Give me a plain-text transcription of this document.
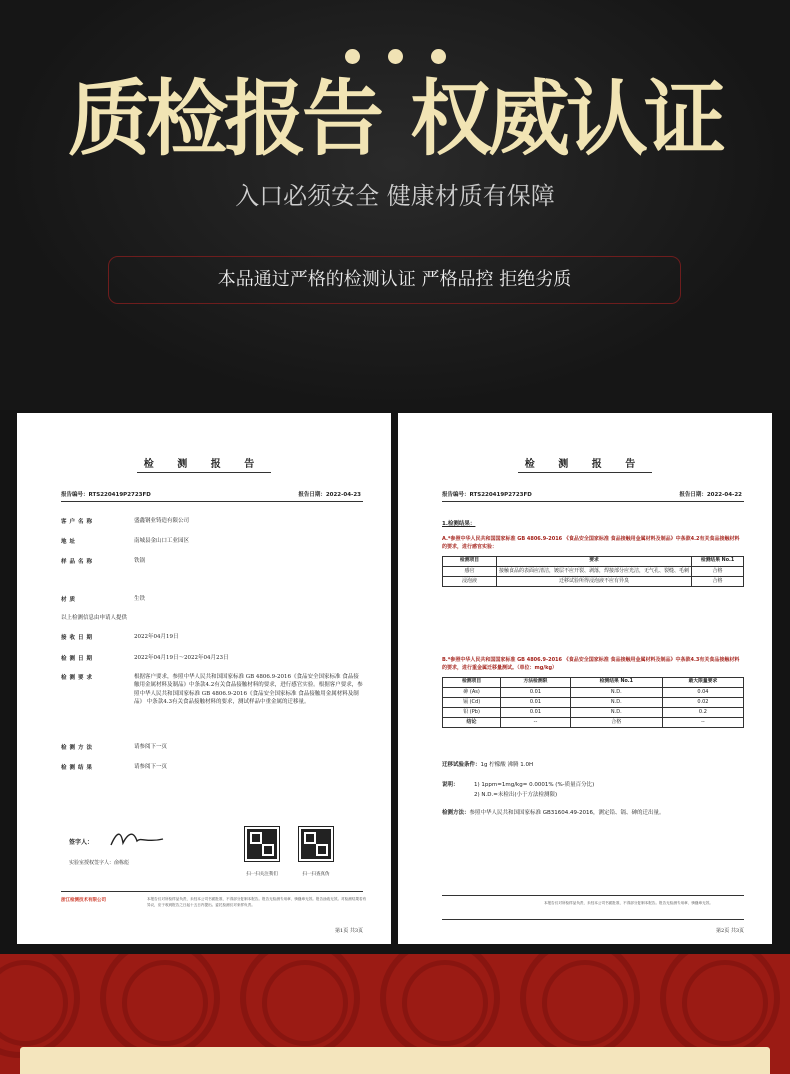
质检报告 权威认证
入口必须安全 健康材质有保障
本品通过严格的检测认证 严格品控 拒绝劣质
检 测 报 告
报告编号：RTS220419P2723FD	报告日期：2022-04-23
客户名称	盛鑫钢业铸造有限公司
地址	南城县金山口工业园区
样品名称	铁锅
材质	生铁
以上检测信息由申请人提供
接收日期	2022年04月19日
检测日期	2022年04月19日～2022年04月23日
检测要求	根据客户要求，参照中华人民共和国国家标准 GB 4806.9-2016《食品安全国家标准 食品接触用金属材料及制品》中条款4.2有关食品接触材料的要求，进行感官实验。根据客户要求，参照中华人民共和国国家标准 GB 4806.9-2016《食品安全国家标准 食品接触用金属材料及制品》 中条款4.3有关食品接触材料的要求，测试样品中重金属的迁移量。
检测方法	请参阅下一页
检测结果	请参阅下一页
签字人：
实验室授权签字人：俞栋彪
扫一扫关注我们	扫一扫查真伪
浙江检测技术有限公司	本报告仅对所检样品负责，未经本公司书面批准，不得部分复制本报告。报告无检测专用章、骑缝章无效。报告涂改无效。对检测结果若有异议，应于收到报告之日起十五日内提出。委托检测仅对来样负责。
第1页 共3页
检 测 报 告
报告编号：RTS220419P2723FD	报告日期：2022-04-22
1.检测结果：
A.*参照中华人民共和国国家标准 GB 4806.9-2016 《食品安全国家标准 食品接触用金属材料及制品》中条款4.2有关食品接触材料的要求，进行感官实验：
检测项目	要求	检测结果 No.1
感官	接触食品的表面应清洁，镀层不应开裂、剥落，焊接部分应光洁，无气孔、裂缝、毛刺	合格
浸泡液	迁移试验所得浸泡液不应有异臭	合格
B.*参照中华人民共和国国家标准 GB 4806.9-2016 《食品安全国家标准 食品接触用金属材料及制品》中条款4.3有关食品接触材料的要求，进行重金属迁移量测试。（单位：mg/kg）
检测项目	方法检测限	检测结果 No.1	最大限量要求
砷 (As)	0.01	N.D.	0.04
镉 (Cd)	0.01	N.D.	0.02
铅 (Pb)	0.01	N.D.	0.2
结论	--	合格	--
迁移试验条件：1g 柠檬酸 沸腾 1.0H
说明：	1) 1ppm=1mg/kg= 0.0001% (%-质量百分比)
2) N.D.=未检出(小于方法检测限)
检测方法：参照中华人民共和国国家标准 GB31604.49-2016，测定铅、镉、砷的迁出量。
本报告仅对所检样品负责，未经本公司书面批准，不得部分复制本报告。报告无检测专用章、骑缝章无效。
第2页 共3页
